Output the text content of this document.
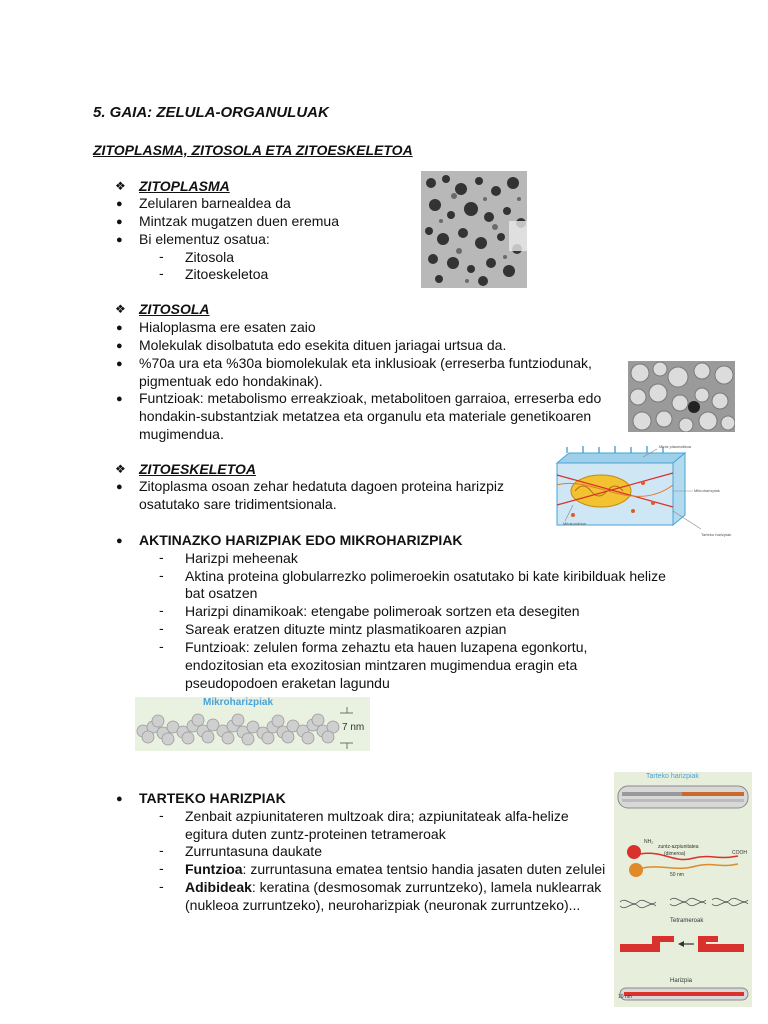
5. GAIA: ZELULA-ORGANULUAK
ZITOPLASMA, ZITOSOLA ETA ZITOESKELETOA
❖ ZITOPLASMA
● Zelularen barnealdea da
● Mintzak mugatzen duen eremua
● Bi elementuz osatua:
- Zitosola
- Zitoeskeletoa
❖ ZITOSOLA
● Hialoplasma ere esaten zaio
● Molekulak disolbatuta edo esekita dituen jariagai urtsua da.
● %70a ura eta %30a biomolekulak eta inklusioak (erreserba funtziodunak,
pigmentuak edo hondakinak).
● Funtzioak: metabolismo erreakzioak, metabolitoen garraioa, erreserba edo
hondakin-substantziak metatzea eta organulu eta materiale genetikoaren
mugimendua.
❖ ZITOESKELETOA
● Zitoplasma osoan zehar hedatuta dagoen proteina harizpiz
osatutako sare tridimentsionala.
Mintz plasmatikoa
Mikroharizpiak
Tarteko harizpiak
Mitokondrioa
● AKTINAZKO HARIZPIAK EDO MIKROHARIZPIAK
- Harizpi meheenak
- Aktina proteina globularrezko polimeroekin osatutako bi kate kiribilduak helize
bat osatzen
- Harizpi dinamikoak: etengabe polimeroak sortzen eta desegiten
- Sareak eratzen dituzte mintz plasmatikoaren azpian
- Funtzioak: zelulen forma zehaztu eta hauen luzapena egonkortu,
endozitosian eta exozitosian mintzaren mugimendua eragin eta
pseudopodoen eraketan lagundu
Mikroharizpiak
7 nm
● TARTEKO HARIZPIAK
- Zenbait azpiunitateren multzoak dira; azpiunitateak alfa-helize
egitura duten zuntz-proteinen tetrameroak
- Zurruntasuna daukate
- Funtzioa: zurruntasuna ematea tentsio handia jasaten duten zelulei
- Adibideak: keratina (desmosomak zurruntzeko), lamela nuklearrak
(nukleoa zurruntzeko), neuroharizpiak (neuronak zurruntzeko)...
Tarteko harizpiak
NH₂
zuntz-azpiunitatea
(dimeroa)	COOH
50 nm
Tetrameroak
Harizpia
10 nm
